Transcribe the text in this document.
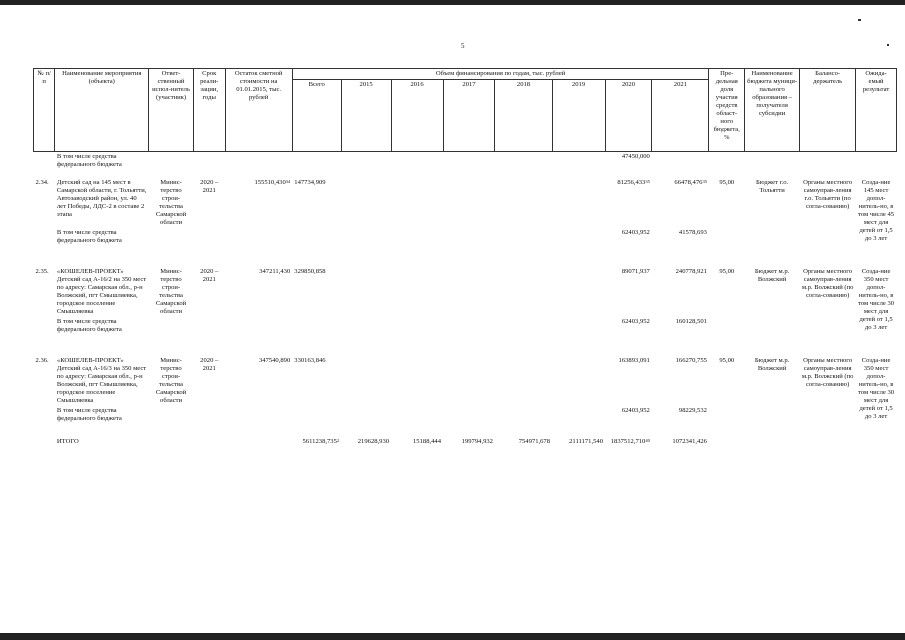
5
№ п/п	Наименование мероприятия (объекта)	Ответ-ственный испол-нитель (участник)	Срок реали-зации, годы	Остаток сметной стоимости на 01.01.2015, тыс. рублей	Объем финансирования по годам, тыс. рублей								Пре-дельная доля участия средств област-ного бюджета, %	Наименование бюджета муници-пального образования – получателя субсидии	Балансо-держатель	Ожида-емый результат
					Всего	2015	2016	2017	2018	2019	2020	2021				
	В том числе средства федерального бюджета										47450,000					

2.34.	Детский сад на 145 мест в Самарской области, г. Тольятти, Автозаводский район, ул. 40 лет Победы, ЛДС-2 в составе 2 этапа	Минис-терство строи-тельства Самарской области	2020 – 2021	155510,430$^{34}$	147734,909						81256,433$^{35}$	66478,476$^{35}$	95,00	Бюджет г.о. Тольятти	Органы местного самоуправ-ления г.о. Тольятти (по согла-сованию)	Созда-ние 145 мест допол-нитель-но, в том числе 45 мест для детей от 1,5 до 3 лет
	В том числе средства федерального бюджета										62403,952	41578,693				
2.35.	«КОШЕЛЕВ-ПРОЕКТ» Детский сад А-16/2 на 350 мест по адресу: Самарская обл., р-н Волжский, пгт Смышляевка, городское поселение Смышляевка	Минис-терство строи-тельства Самарской области	2020 – 2021	347211,430	329850,858						89071,937	240778,921	95,00	Бюджет м.р. Волжский	Органы местного самоуправ-ления м.р. Волжский (по согла-сованию)	Созда-ние 350 мест допол-нитель-но, в том числе 30 мест для детей от 1,5 до 3 лет
	В том числе средства федерального бюджета										62403,952	160128,501				
2.36.	«КОШЕЛЕВ-ПРОЕКТ» Детский сад А-16/3 на 350 мест по адресу: Самарская обл., р-н Волжский, пгт Смышляевка, городское поселение Смышляевка	Минис-терство строи-тельства Самарской области	2020 – 2021	347540,890	330163,846						163893,091	166270,755	95,00	Бюджет м.р. Волжский	Органы местного самоуправ-ления м.р. Волжский (по согла-сованию)	Созда-ние 350 мест допол-нитель-но, в том числе 30 мест для детей от 1,5 до 3 лет
	В том числе средства федерального бюджета										62403,952	98229,532				
	ИТОГО				5611238,735$^2$	219628,930	15188,444	199794,932	754971,678	2111171,540	1837512,710$^{40}$	1072341,426				
